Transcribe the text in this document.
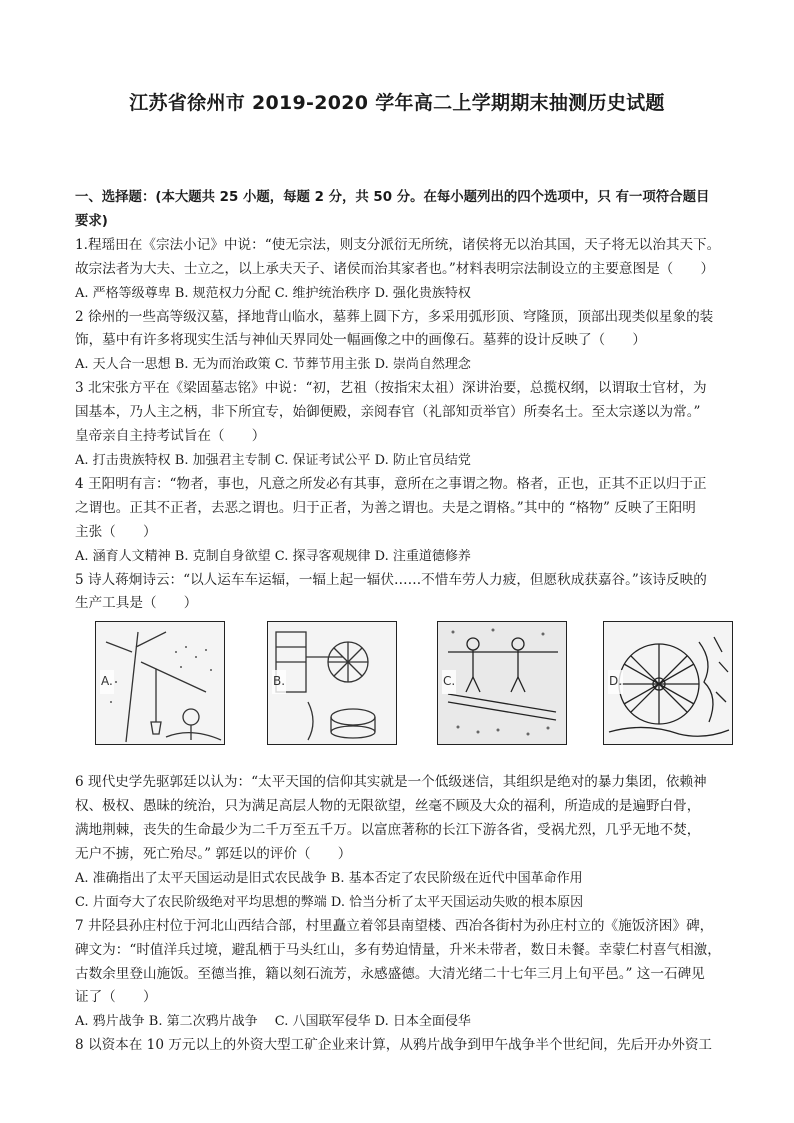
江苏省徐州市 2019-2020 学年高二上学期期末抽测历史试题
一、选择题：(本大题共 25 小题，每题 2 分，共 50 分。在每小题列出的四个选项中，只 有一项符合题目
要求)
1.程瑶田在《宗法小记》中说：“使无宗法，则支分派衍无所统，诸侯将无以治其国，天子将无以治其天下。
故宗法者为大夫、士立之，以上承夫天子、诸侯而治其家者也。”材料表明宗法制设立的主要意图是（　　）
A. 严格等级尊卑 B. 规范权力分配 C. 维护统治秩序 D. 强化贵族特权
2 徐州的一些高等级汉墓，择地背山临水，墓葬上圆下方，多采用弧形顶、穹隆顶，顶部出现类似星象的装
饰，墓中有许多将现实生活与神仙天界同处一幅画像之中的画像石。墓葬的设计反映了（　　）
A. 天人合一思想 B. 无为而治政策 C. 节葬节用主张 D. 崇尚自然理念
3 北宋张方平在《梁固墓志铭》中说：“初，艺祖（按指宋太祖）深讲治要，总揽权纲，以谓取士官材，为
国基本，乃人主之柄，非下所宜专，始御便殿，亲阅春官（礼部知贡举官）所奏名士。至太宗遂以为常。”
皇帝亲自主持考试旨在（　　）
A. 打击贵族特权 B. 加强君主专制 C. 保证考试公平 D. 防止官员结党
4 王阳明有言：“物者，事也，凡意之所发必有其事，意所在之事谓之物。格者，正也，正其不正以归于正
之谓也。正其不正者，去恶之谓也。归于正者，为善之谓也。夫是之谓格。”其中的 “格物” 反映了王阳明
主张（　　）
A. 涵育人文精神 B. 克制自身欲望 C. 探寻客观规律 D. 注重道德修养
5 诗人蒋炯诗云：“以人运车车运辐，一辐上起一辐伏……不惜车劳人力疲，但愿秋成获嘉谷。”该诗反映的
生产工具是（　　）
A.	B.	C.	D.
6 现代史学先驱郭廷以认为：“太平天国的信仰其实就是一个低级迷信，其组织是绝对的暴力集团，依赖神
权、极权、愚昧的统治，只为满足高层人物的无限欲望，丝毫不顾及大众的福利，所造成的是遍野白骨，
满地荆棘，丧失的生命最少为二千万至五千万。以富庶著称的长江下游各省，受祸尤烈，几乎无地不焚，
无户不掳，死亡殆尽。” 郭廷以的评价（　　）
A. 准确指出了太平天国运动是旧式农民战争 B. 基本否定了农民阶级在近代中国革命作用
C. 片面夸大了农民阶级绝对平均思想的弊端 D. 恰当分析了太平天国运动失败的根本原因
7 井陉县孙庄村位于河北山西结合部，村里矗立着邻县南望楼、西冶各街村为孙庄村立的《施饭济困》碑，
碑文为：“时值洋兵过境，避乱栖于马头红山，多有势迫情量，升米未带者，数日未餐。幸蒙仁村喜气相激，
古数余里登山施饭。至德当推，籍以刻石流芳，永感盛德。大清光绪二十七年三月上旬平邑。” 这一石碑见
证了（　　）
A. 鸦片战争 B. 第二次鸦片战争　 C. 八国联军侵华 D. 日本全面侵华
8 以资本在 10 万元以上的外资大型工矿企业来计算，从鸦片战争到甲午战争半个世纪间，先后开办外资工
